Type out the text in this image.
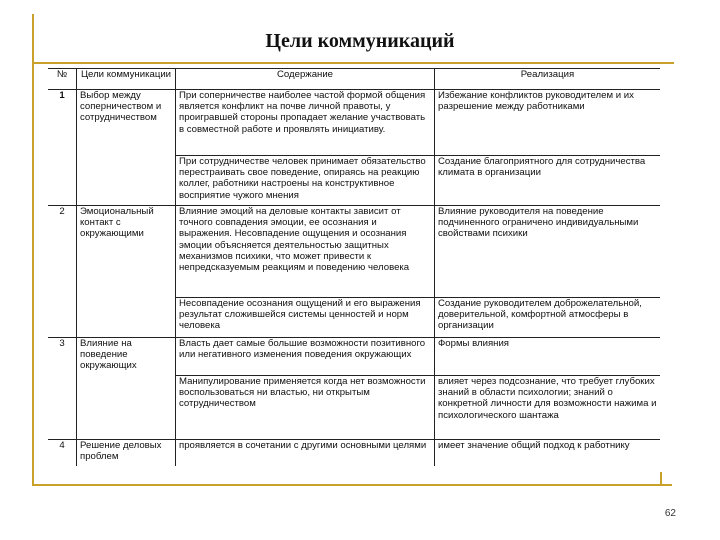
Цели коммуникаций
№	Цели коммуникации	Содержание	Реализация
1	Выбор между соперничеством и сотрудничеством	При соперничестве наиболее частой формой общения является конфликт на почве личной правоты, у проигравшей стороны пропадает желание участвовать в совместной работе и проявлять инициативу.	Избежание конфликтов руководителем и их разрешение между работниками
		При сотрудничестве человек принимает обязательство перестраивать свое поведение, опираясь на реакцию коллег, работники настроены на конструктивное восприятие чужого мнения	Создание благоприятного для сотрудничества климата в организации
2	Эмоциональный контакт с окружающими	Влияние эмоций на деловые контакты зависит от точного совпадения эмоции, ее осознания и выражения. Несовпадение ощущения и осознания эмоции объясняется деятельностью защитных механизмов психики, что может привести к непредсказуемым реакциям и поведению человека	Влияние руководителя на поведение подчиненного ограничено индивидуальными свойствами психики
		Несовпадение осознания ощущений и его выражения результат сложившейся системы ценностей и норм человека	Создание руководителем доброжелательной, доверительной, комфортной атмосферы в организации
3	Влияние на поведение окружающих	Власть дает самые большие возможности позитивного или негативного изменения поведения окружающих	Формы влияния
		Манипулирование применяется когда нет возможности воспользоваться ни властью, ни открытым сотрудничеством	влияет через подсознание, что требует глубоких знаний в области психологии; знаний о конкретной личности для возможности нажима и психологического шантажа
4	Решение деловых проблем	проявляется в сочетании с другими основными целями	имеет значение общий подход к работнику
62
